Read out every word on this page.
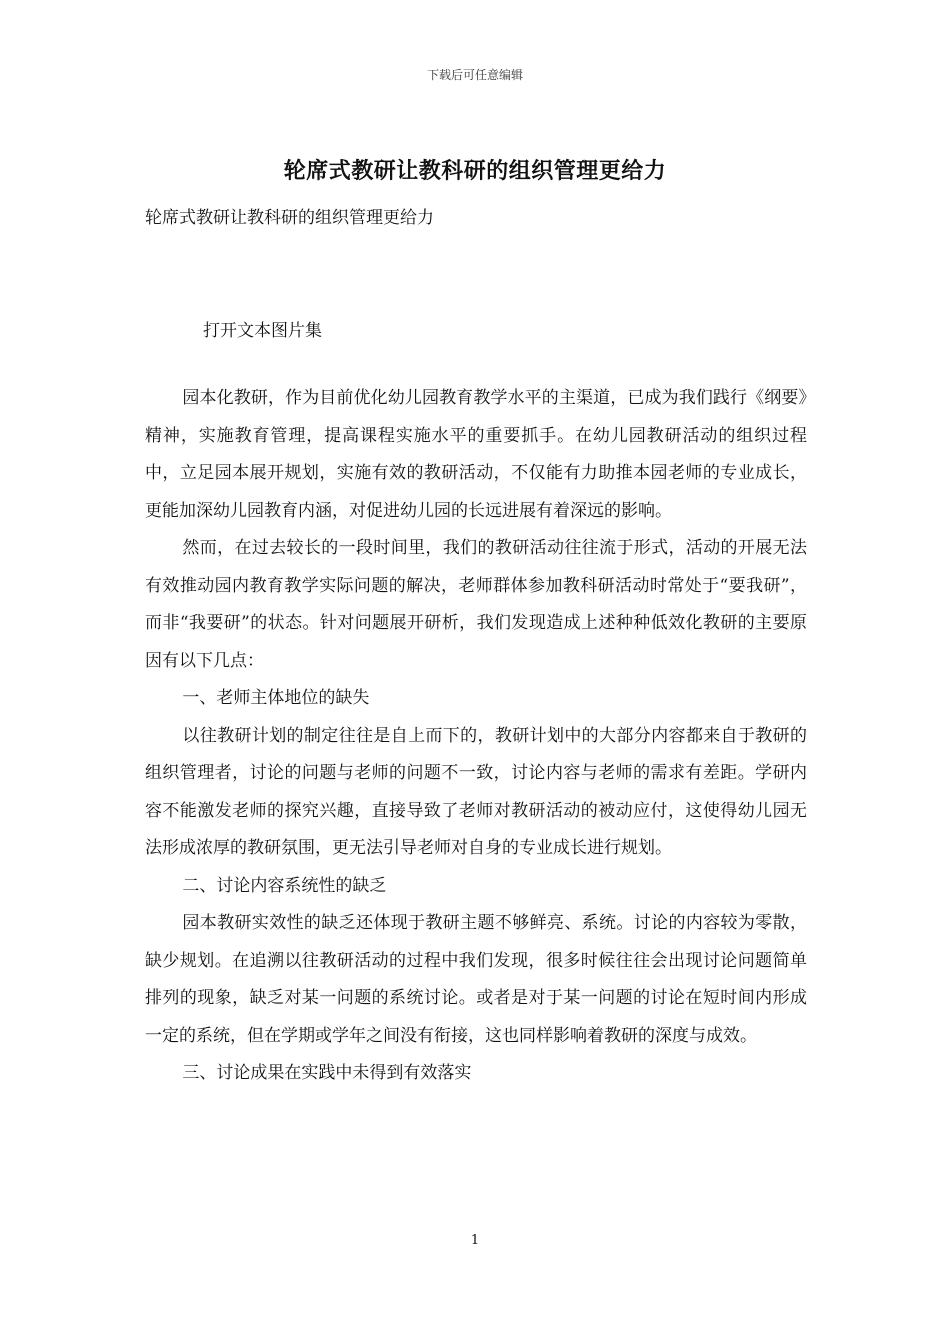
下载后可任意编辑
轮席式教研让教科研的组织管理更给力
轮席式教研让教科研的组织管理更给力
打开文本图片集

园本化教研，作为目前优化幼儿园教育教学水平的主渠道，已成为我们践行《纲要》精神，实施教育管理，提高课程实施水平的重要抓手。在幼儿园教研活动的组织过程中，立足园本展开规划，实施有效的教研活动，不仅能有力助推本园老师的专业成长，更能加深幼儿园教育内涵，对促进幼儿园的长远进展有着深远的影响。

然而，在过去较长的一段时间里，我们的教研活动往往流于形式，活动的开展无法有效推动园内教育教学实际问题的解决，老师群体参加教科研活动时常处于“要我研”，而非“我要研”的状态。针对问题展开研析，我们发现造成上述种种低效化教研的主要原因有以下几点：

一、老师主体地位的缺失

以往教研计划的制定往往是自上而下的，教研计划中的大部分内容都来自于教研的组织管理者，讨论的问题与老师的问题不一致，讨论内容与老师的需求有差距。学研内容不能激发老师的探究兴趣，直接导致了老师对教研活动的被动应付，这使得幼儿园无法形成浓厚的教研氛围，更无法引导老师对自身的专业成长进行规划。

二、讨论内容系统性的缺乏

园本教研实效性的缺乏还体现于教研主题不够鲜亮、系统。讨论的内容较为零散，缺少规划。在追溯以往教研活动的过程中我们发现，很多时候往往会出现讨论问题简单排列的现象，缺乏对某一问题的系统讨论。或者是对于某一问题的讨论在短时间内形成一定的系统，但在学期或学年之间没有衔接，这也同样影响着教研的深度与成效。

三、讨论成果在实践中未得到有效落实

1
